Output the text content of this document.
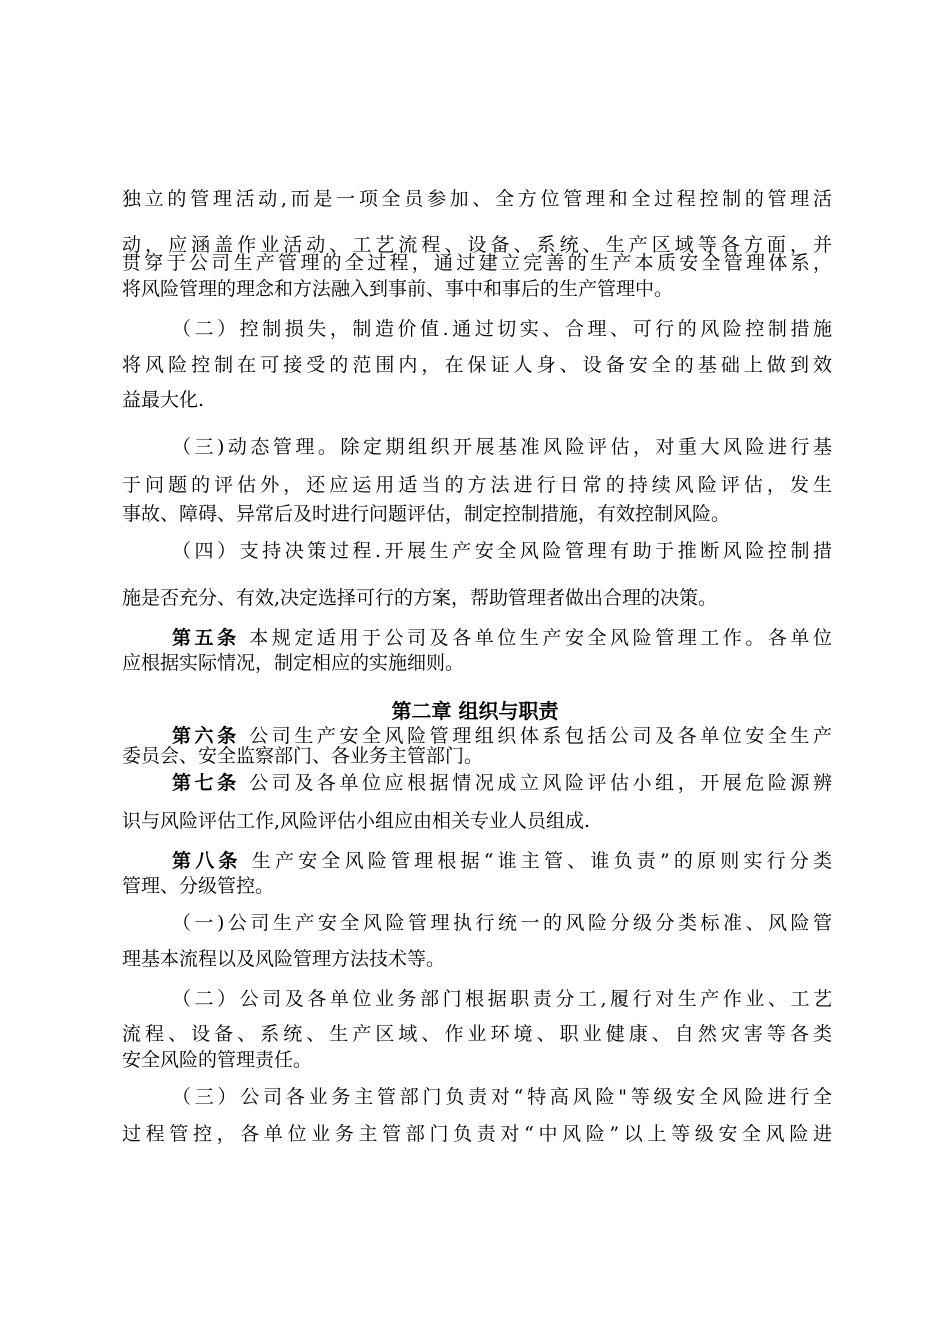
独立的管理活动,而是一项全员参加、全方位管理和全过程控制的管理活
动，应涵盖作业活动、工艺流程、设备、系统、生产区域等各方面，并
贯穿于公司生产管理的全过程，通过建立完善的生产本质安全管理体系，
将风险管理的理念和方法融入到事前、事中和事后的生产管理中。
（二）控制损失，制造价值.通过切实、合理、可行的风险控制措施
将风险控制在可接受的范围内，在保证人身、设备安全的基础上做到效
益最大化.
（三)动态管理。除定期组织开展基准风险评估，对重大风险进行基
于问题的评估外，还应运用适当的方法进行日常的持续风险评估，发生
事故、障碍、异常后及时进行问题评估，制定控制措施，有效控制风险。
（四）支持决策过程.开展生产安全风险管理有助于推断风险控制措
施是否充分、有效,决定选择可行的方案，帮助管理者做出合理的决策。
第五条 本规定适用于公司及各单位生产安全风险管理工作。各单位
应根据实际情况，制定相应的实施细则。
第二章 组织与职责
第六条 公司生产安全风险管理组织体系包括公司及各单位安全生产
委员会、安全监察部门、各业务主管部门。
第七条 公司及各单位应根据情况成立风险评估小组，开展危险源辨
识与风险评估工作,风险评估小组应由相关专业人员组成.
第八条 生产安全风险管理根据“谁主管、谁负责”的原则实行分类
管理、分级管控。
（一)公司生产安全风险管理执行统一的风险分级分类标准、风险管
理基本流程以及风险管理方法技术等。
（二）公司及各单位业务部门根据职责分工,履行对生产作业、工艺
流程、设备、系统、生产区域、作业环境、职业健康、自然灾害等各类
安全风险的管理责任。
（三）公司各业务主管部门负责对“特高风险"等级安全风险进行全
过程管控，各单位业务主管部门负责对“中风险”以上等级安全风险进
